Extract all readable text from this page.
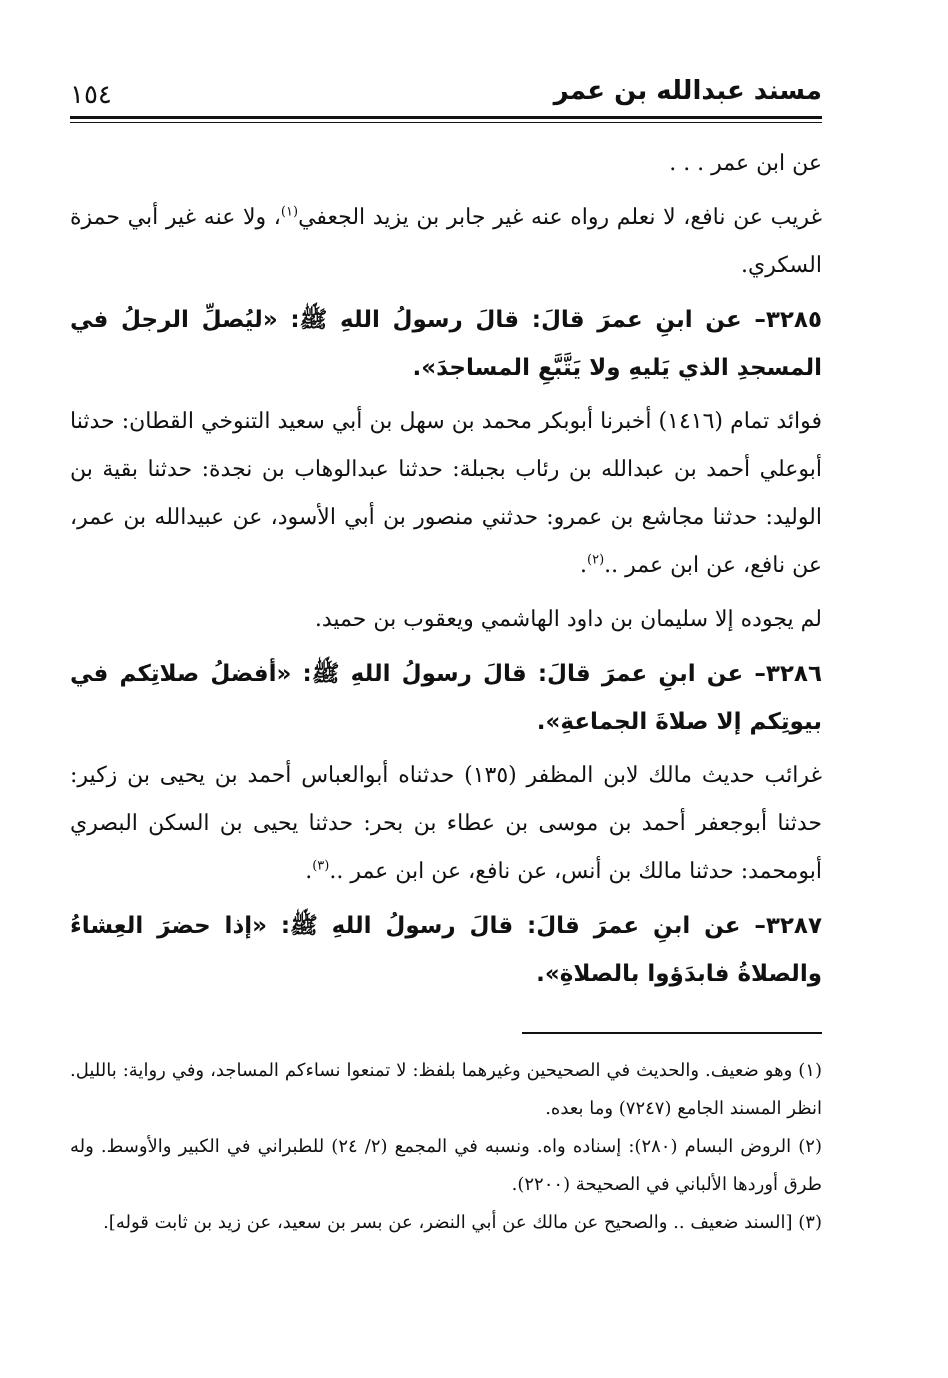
مسند عبدالله بن عمر
١٥٤

عن ابن عمر . . .

غريب عن نافع، لا نعلم رواه عنه غير جابر بن يزيد الجعفي$^{(١)}$، ولا عنه غير أبي حمزة السكري.

٣٢٨٥– عن ابنِ عمرَ قالَ: قالَ رسولُ اللهِ ﷺ: «ليُصلِّ الرجلُ في المسجدِ الذي يَليهِ ولا يَتَّبَّعِ المساجدَ».

فوائد تمام (١٤١٦) أخبرنا أبوبكر محمد بن سهل بن أبي سعيد التنوخي القطان: حدثنا أبوعلي أحمد بن عبدالله بن رئاب بجبلة: حدثنا عبدالوهاب بن نجدة: حدثنا بقية بن الوليد: حدثنا مجاشع بن عمرو: حدثني منصور بن أبي الأسود، عن عبيدالله بن عمر، عن نافع، عن ابن عمر ..$^{(٢)}$.

لم يجوده إلا سليمان بن داود الهاشمي ويعقوب بن حميد.

٣٢٨٦– عن ابنِ عمرَ قالَ: قالَ رسولُ اللهِ ﷺ: «أفضلُ صلاتِكم في بيوتِكم إلا صلاةَ الجماعةِ».

غرائب حديث مالك لابن المظفر (١٣٥) حدثناه أبوالعباس أحمد بن يحيى بن زكير: حدثنا أبوجعفر أحمد بن موسى بن عطاء بن بحر: حدثنا يحيى بن السكن البصري أبومحمد: حدثنا مالك بن أنس، عن نافع، عن ابن عمر ..$^{(٣)}$.

٣٢٨٧– عن ابنِ عمرَ قالَ: قالَ رسولُ اللهِ ﷺ: «إذا حضرَ العِشاءُ والصلاةُ فابدَؤوا بالصلاةِ».

(١) وهو ضعيف. والحديث في الصحيحين وغيرهما بلفظ: لا تمنعوا نساءكم المساجد، وفي رواية: بالليل. انظر المسند الجامع (٧٢٤٧) وما بعده.

(٢) الروض البسام (٢٨٠): إسناده واه. ونسبه في المجمع (٢/ ٢٤) للطبراني في الكبير والأوسط. وله طرق أوردها الألباني في الصحيحة (٢٢٠٠).

(٣) [السند ضعيف .. والصحيح عن مالك عن أبي النضر، عن بسر بن سعيد، عن زيد بن ثابت قوله].
